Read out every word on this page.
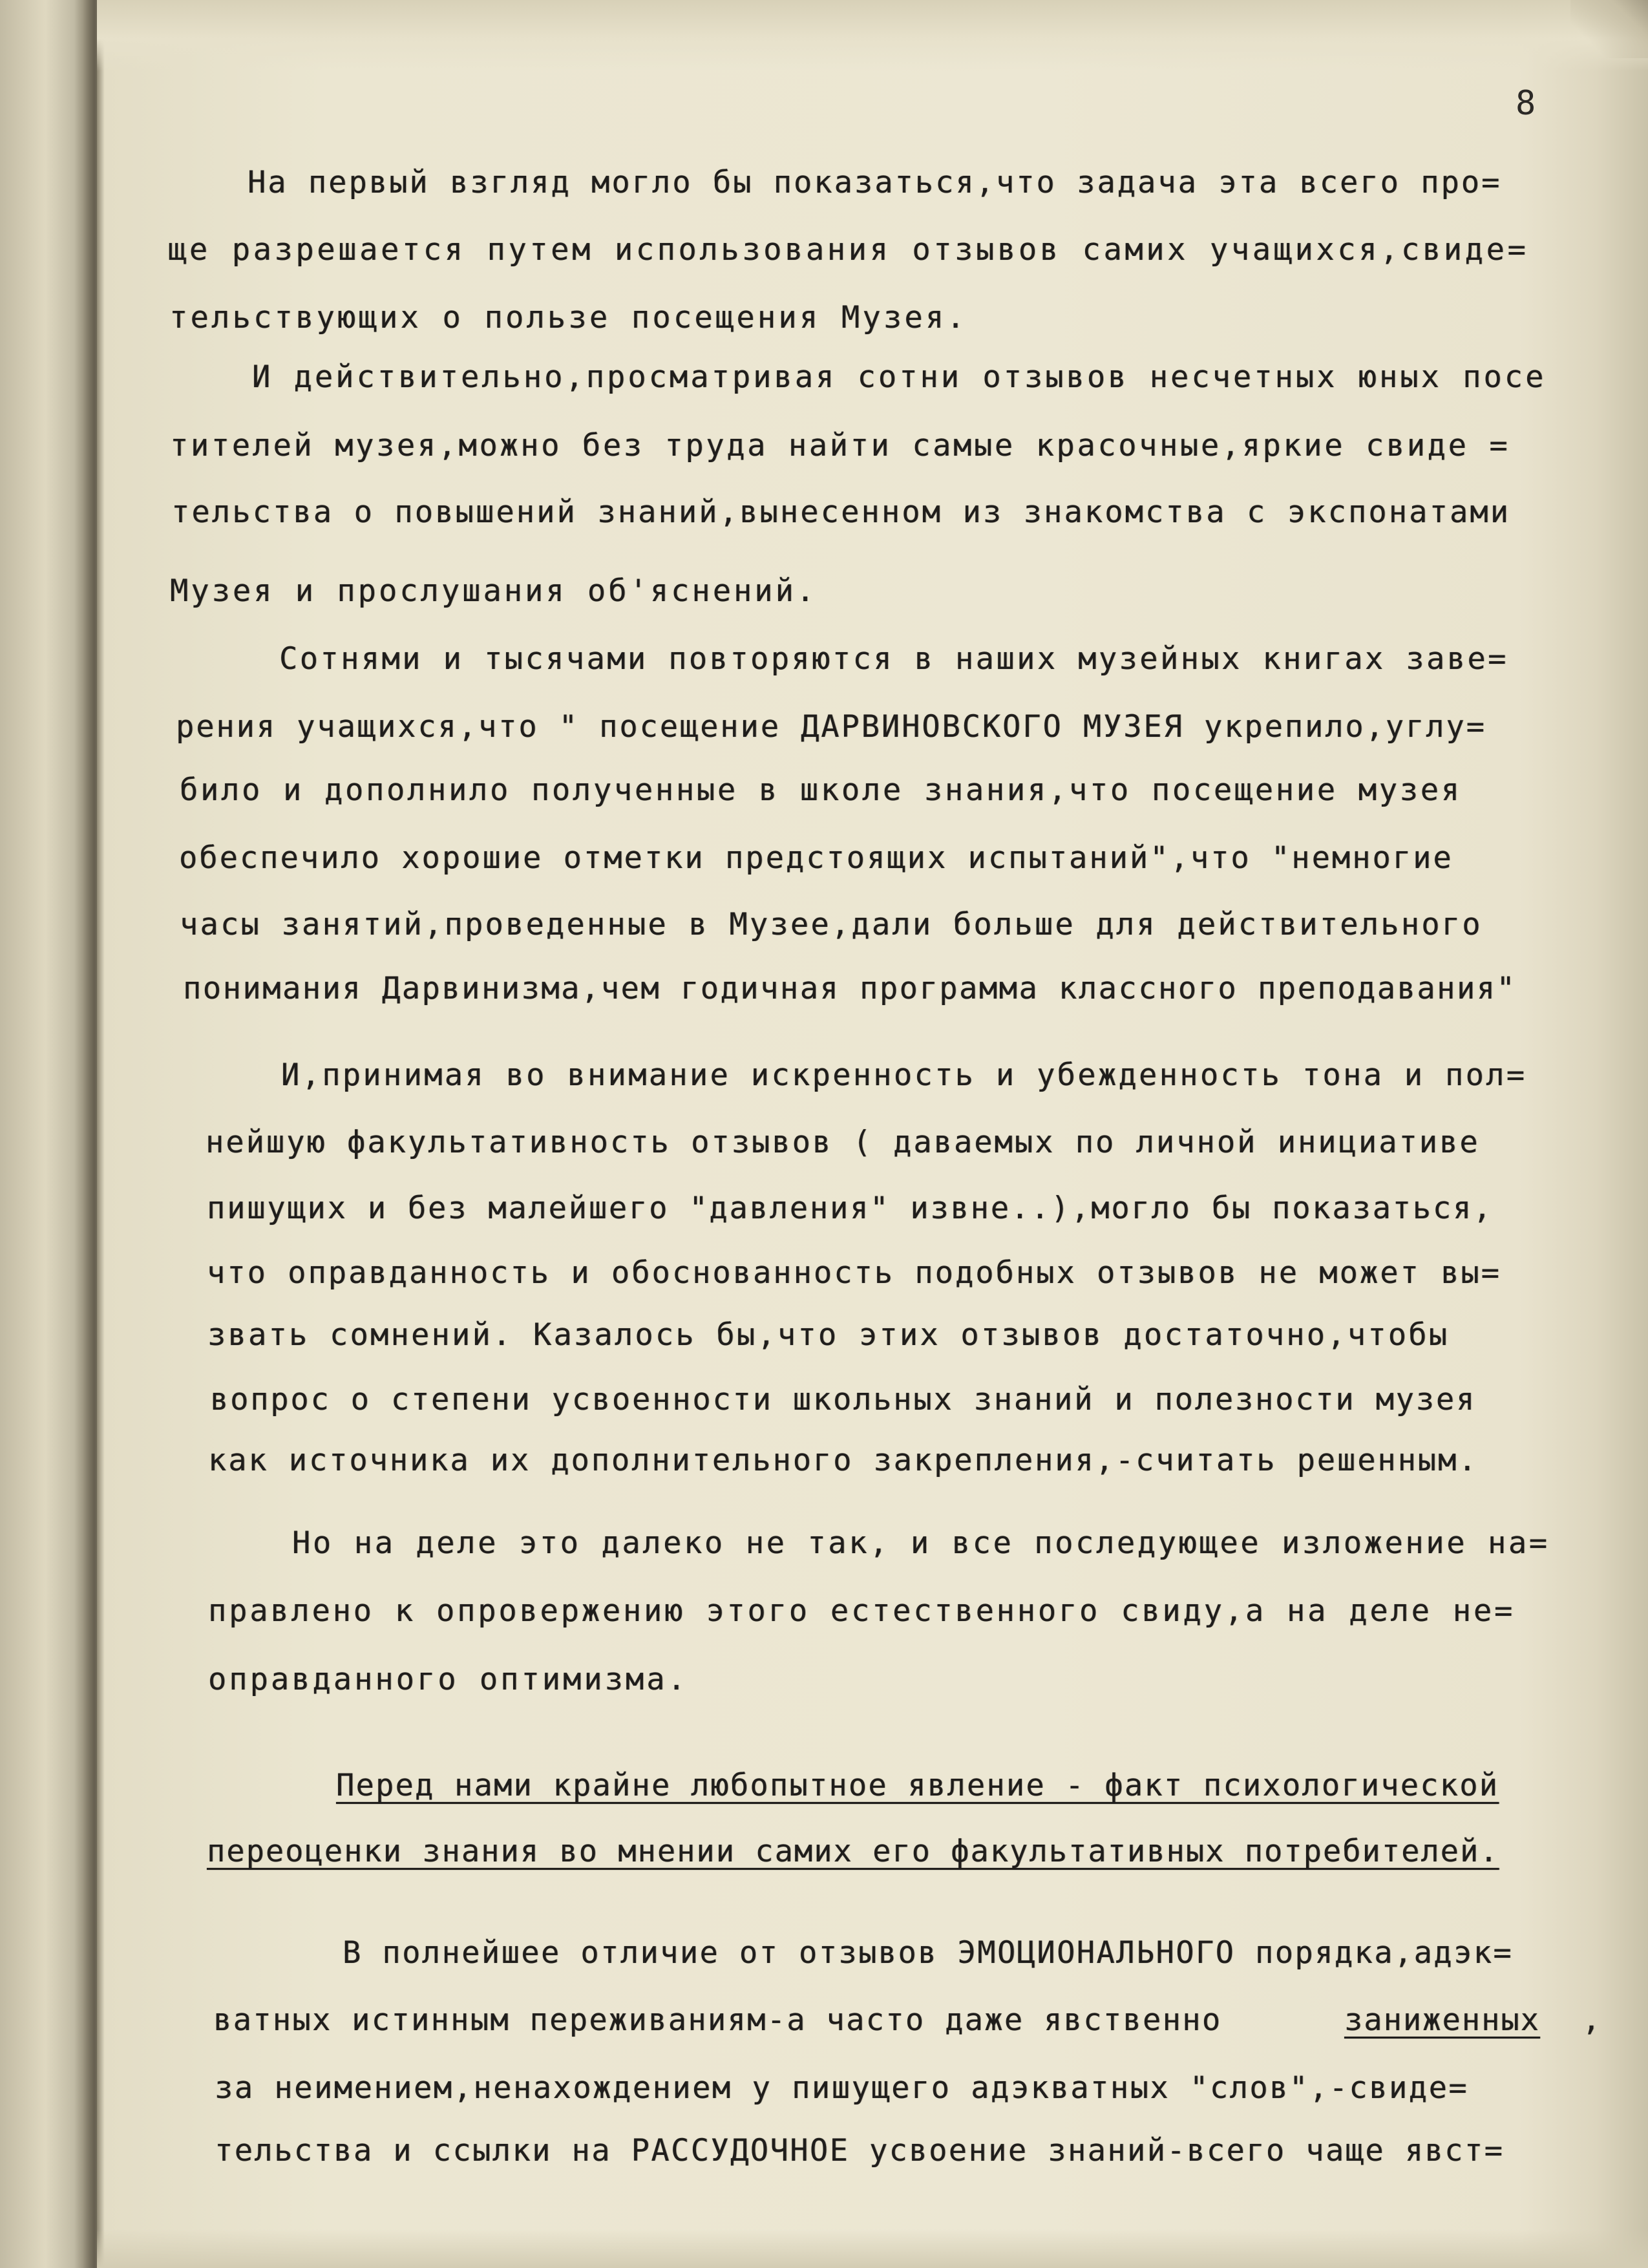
8
На первый взгляд могло бы показаться,что задача эта всего про=
ще разрешается путем использования отзывов самих учащихся,свиде=
тельствующих о пользе посещения Музея.
И действительно,просматривая сотни отзывов несчетных юных посе
тителей музея,можно без труда найти самые красочные,яркие свиде =
тельства о повышений знаний,вынесенном из знакомства с экспонатами
Музея и прослушания об'яснений.
Сотнями и тысячами повторяются в наших музейных книгах заве=
рения учащихся,что " посещение ДАРВИНОВСКОГО МУЗЕЯ укрепило,углу=
било и дополнило полученные в школе знания,что посещение музея
обеспечило хорошие отметки предстоящих испытаний",что "немногие
часы занятий,проведенные в Музее,дали больше для действительного
понимания Дарвинизма,чем годичная программа классного преподавания"
И,принимая во внимание искренность и убежденность тона и пол=
нейшую факультативность отзывов ( даваемых по личной инициативе
пишущих и без малейшего "давления" извне..),могло бы показаться,
что оправданность и обоснованность подобных отзывов не может вы=
звать сомнений. Казалось бы,что этих отзывов достаточно,чтобы
вопрос о степени усвоенности школьных знаний и полезности музея
как источника их дополнительного закрепления,-считать решенным.
Но на деле это далеко не так, и все последующее изложение на=
правлено к опровержению этого естественного свиду,а на деле не=
оправданного оптимизма.
Перед нами крайне любопытное явление - факт психологической
переоценки знания во мнении самих его факультативных потребителей.
В полнейшее отличие от отзывов ЭМОЦИОНАЛЬНОГО порядка,адэк=
ватных истинным переживаниям-а часто даже явственно	заниженных ,
за неимением,ненахождением у пишущего адэкватных "слов",-свиде=
тельства и ссылки на РАССУДОЧНОЕ усвоение знаний-всего чаще явст=
